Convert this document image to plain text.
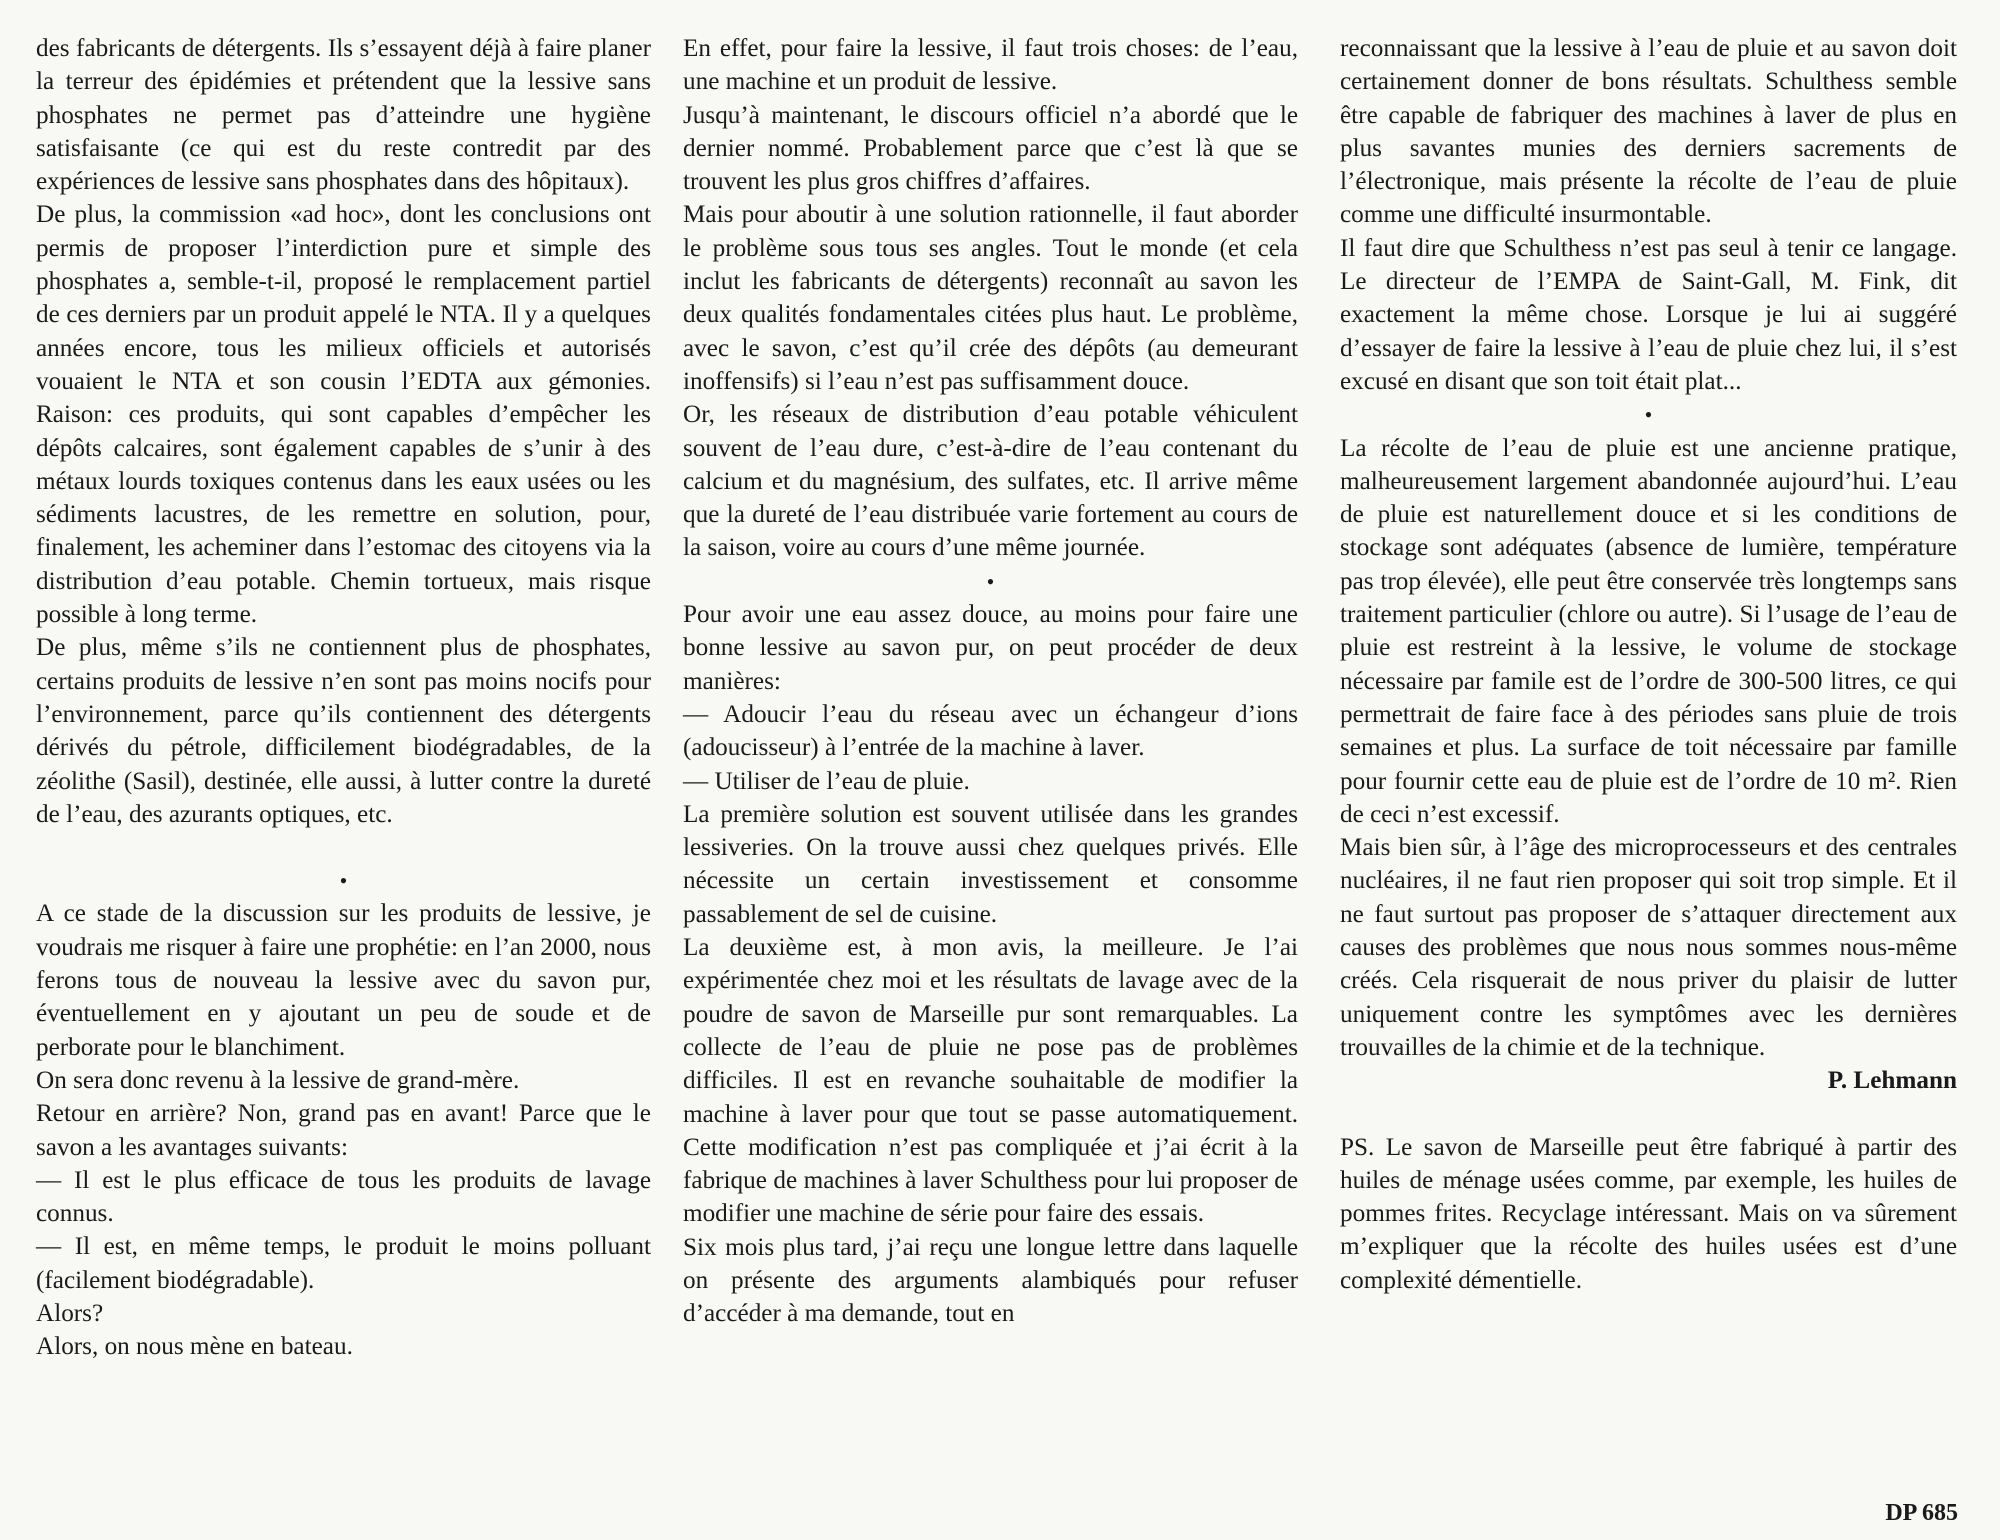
des fabricants de détergents. Ils s’essayent déjà à faire planer la terreur des épidémies et prétendent que la lessive sans phosphates ne permet pas d’atteindre une hygiène satisfaisante (ce qui est du reste contredit par des expériences de lessive sans phosphates dans des hôpitaux).

De plus, la commission «ad hoc», dont les conclusions ont permis de proposer l’interdiction pure et simple des phosphates a, semble-t-il, proposé le remplacement partiel de ces derniers par un produit appelé le NTA. Il y a quelques années encore, tous les milieux officiels et autorisés vouaient le NTA et son cousin l’EDTA aux gémonies. Raison: ces produits, qui sont capables d’empêcher les dépôts calcaires, sont également capables de s’unir à des métaux lourds toxiques contenus dans les eaux usées ou les sédiments lacustres, de les remettre en solution, pour, finalement, les acheminer dans l’estomac des citoyens via la distribution d’eau potable. Chemin tortueux, mais risque possible à long terme.

De plus, même s’ils ne contiennent plus de phosphates, certains produits de lessive n’en sont pas moins nocifs pour l’environnement, parce qu’ils contiennent des détergents dérivés du pétrole, difficilement biodégradables, de la zéolithe (Sasil), destinée, elle aussi, à lutter contre la dureté de l’eau, des azurants optiques, etc.

•

A ce stade de la discussion sur les produits de lessive, je voudrais me risquer à faire une prophétie: en l’an 2000, nous ferons tous de nouveau la lessive avec du savon pur, éventuellement en y ajoutant un peu de soude et de perborate pour le blanchiment.

On sera donc revenu à la lessive de grand-mère.

Retour en arrière? Non, grand pas en avant! Parce que le savon a les avantages suivants:

— Il est le plus efficace de tous les produits de lavage connus.

— Il est, en même temps, le produit le moins polluant (facilement biodégradable).

Alors?

Alors, on nous mène en bateau.

En effet, pour faire la lessive, il faut trois choses: de l’eau, une machine et un produit de lessive.

Jusqu’à maintenant, le discours officiel n’a abordé que le dernier nommé. Probablement parce que c’est là que se trouvent les plus gros chiffres d’affaires.

Mais pour aboutir à une solution rationnelle, il faut aborder le problème sous tous ses angles. Tout le monde (et cela inclut les fabricants de détergents) reconnaît au savon les deux qualités fondamentales citées plus haut. Le problème, avec le savon, c’est qu’il crée des dépôts (au demeurant inoffensifs) si l’eau n’est pas suffisamment douce.

Or, les réseaux de distribution d’eau potable véhiculent souvent de l’eau dure, c’est-à-dire de l’eau contenant du calcium et du magnésium, des sulfates, etc. Il arrive même que la dureté de l’eau distribuée varie fortement au cours de la saison, voire au cours d’une même journée.

•

Pour avoir une eau assez douce, au moins pour faire une bonne lessive au savon pur, on peut procéder de deux manières:

— Adoucir l’eau du réseau avec un échangeur d’ions (adoucisseur) à l’entrée de la machine à laver.

— Utiliser de l’eau de pluie.

La première solution est souvent utilisée dans les grandes lessiveries. On la trouve aussi chez quelques privés. Elle nécessite un certain investissement et consomme passablement de sel de cuisine.

La deuxième est, à mon avis, la meilleure. Je l’ai expérimentée chez moi et les résultats de lavage avec de la poudre de savon de Marseille pur sont remarquables. La collecte de l’eau de pluie ne pose pas de problèmes difficiles. Il est en revanche souhaitable de modifier la machine à laver pour que tout se passe automatiquement. Cette modification n’est pas compliquée et j’ai écrit à la fabrique de machines à laver Schulthess pour lui proposer de modifier une machine de série pour faire des essais.

Six mois plus tard, j’ai reçu une longue lettre dans laquelle on présente des arguments alambiqués pour refuser d’accéder à ma demande, tout en

reconnaissant que la lessive à l’eau de pluie et au savon doit certainement donner de bons résultats. Schulthess semble être capable de fabriquer des machines à laver de plus en plus savantes munies des derniers sacrements de l’électronique, mais présente la récolte de l’eau de pluie comme une difficulté insurmontable.

Il faut dire que Schulthess n’est pas seul à tenir ce langage. Le directeur de l’EMPA de Saint-Gall, M. Fink, dit exactement la même chose. Lorsque je lui ai suggéré d’essayer de faire la lessive à l’eau de pluie chez lui, il s’est excusé en disant que son toit était plat...

•

La récolte de l’eau de pluie est une ancienne pratique, malheureusement largement abandonnée aujourd’hui. L’eau de pluie est naturellement douce et si les conditions de stockage sont adéquates (absence de lumière, température pas trop élevée), elle peut être conservée très longtemps sans traitement particulier (chlore ou autre). Si l’usage de l’eau de pluie est restreint à la lessive, le volume de stockage nécessaire par famile est de l’ordre de 300-500 litres, ce qui permettrait de faire face à des périodes sans pluie de trois semaines et plus. La surface de toit nécessaire par famille pour fournir cette eau de pluie est de l’ordre de 10 m². Rien de ceci n’est excessif.

Mais bien sûr, à l’âge des microprocesseurs et des centrales nucléaires, il ne faut rien proposer qui soit trop simple. Et il ne faut surtout pas proposer de s’attaquer directement aux causes des problèmes que nous nous sommes nous-même créés. Cela risquerait de nous priver du plaisir de lutter uniquement contre les symptômes avec les dernières trouvailles de la chimie et de la technique.

P. Lehmann

PS. Le savon de Marseille peut être fabriqué à partir des huiles de ménage usées comme, par exemple, les huiles de pommes frites. Recyclage intéressant. Mais on va sûrement m’expliquer que la récolte des huiles usées est d’une complexité démentielle.

DP 685
